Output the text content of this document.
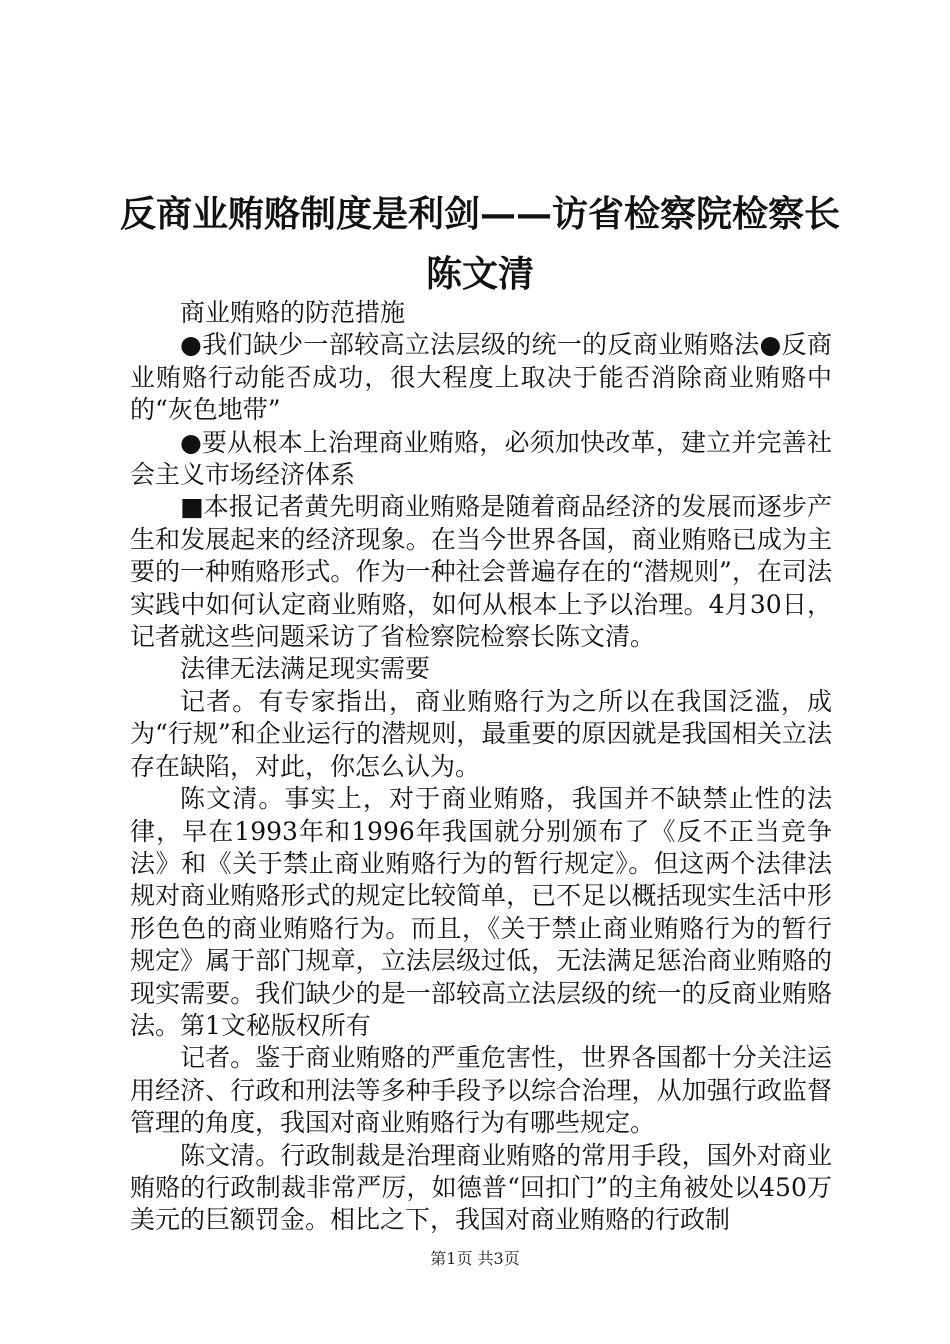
反商业贿赂制度是利剑——访省检察院检察长
陈文清

商业贿赂的防范措施

●我们缺少一部较高立法层级的统一的反商业贿赂法●反商业贿赂行动能否成功，很大程度上取决于能否消除商业贿赂中的“灰色地带”

●要从根本上治理商业贿赂，必须加快改革，建立并完善社会主义市场经济体系

■本报记者黄先明商业贿赂是随着商品经济的发展而逐步产生和发展起来的经济现象。在当今世界各国，商业贿赂已成为主要的一种贿赂形式。作为一种社会普遍存在的“潜规则”，在司法实践中如何认定商业贿赂，如何从根本上予以治理。4月30日，记者就这些问题采访了省检察院检察长陈文清。

法律无法满足现实需要

记者。有专家指出，商业贿赂行为之所以在我国泛滥，成为“行规”和企业运行的潜规则，最重要的原因就是我国相关立法存在缺陷，对此，你怎么认为。

陈文清。事实上，对于商业贿赂，我国并不缺禁止性的法律，早在1993年和1996年我国就分别颁布了《反不正当竞争法》和《关于禁止商业贿赂行为的暂行规定》。但这两个法律法规对商业贿赂形式的规定比较简单，已不足以概括现实生活中形形色色的商业贿赂行为。而且，《关于禁止商业贿赂行为的暂行规定》属于部门规章，立法层级过低，无法满足惩治商业贿赂的现实需要。我们缺少的是一部较高立法层级的统一的反商业贿赂法。第1文秘版权所有

记者。鉴于商业贿赂的严重危害性，世界各国都十分关注运用经济、行政和刑法等多种手段予以综合治理，从加强行政监督管理的角度，我国对商业贿赂行为有哪些规定。

陈文清。行政制裁是治理商业贿赂的常用手段，国外对商业贿赂的行政制裁非常严厉，如德普“回扣门”的主角被处以450万美元的巨额罚金。相比之下，我国对商业贿赂的行政制

第1页 共3页
